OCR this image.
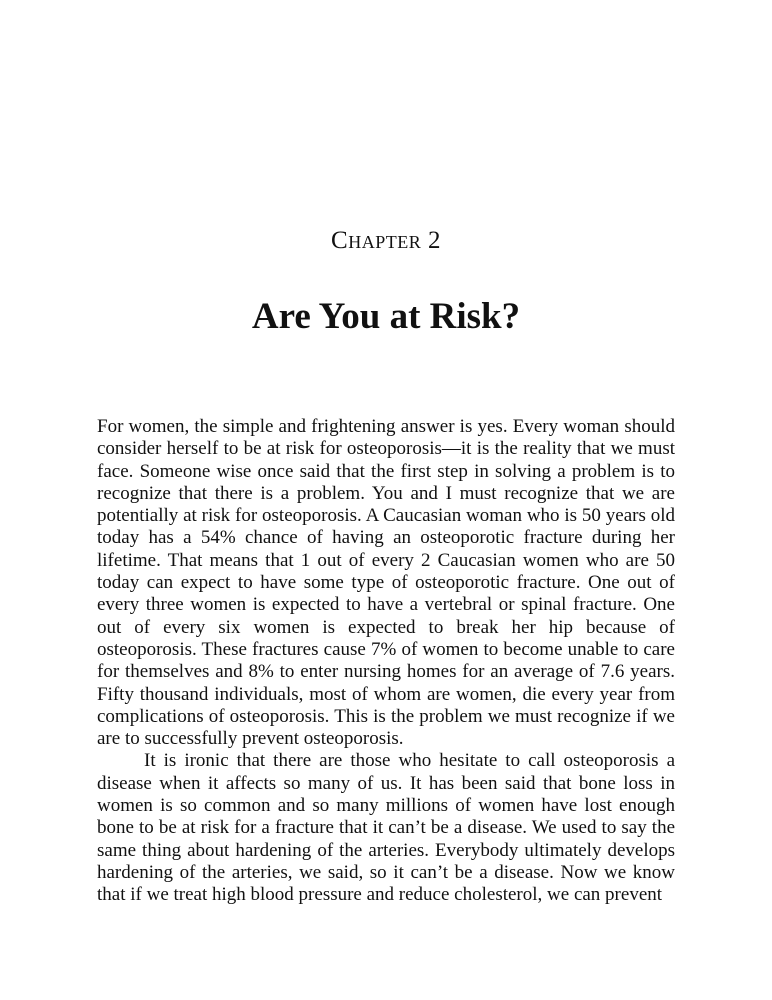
Chapter 2
Are You at Risk?

For women, the simple and frightening answer is yes. Every woman should consider herself to be at risk for osteoporosis—it is the reality that we must face. Someone wise once said that the first step in solving a problem is to recognize that there is a problem. You and I must recognize that we are potentially at risk for osteoporosis. A Caucasian woman who is 50 years old today has a 54% chance of having an osteoporotic fracture during her lifetime. That means that 1 out of every 2 Caucasian women who are 50 today can expect to have some type of osteoporotic fracture. One out of every three women is expected to have a vertebral or spinal fracture. One out of every six women is expected to break her hip because of osteoporosis. These fractures cause 7% of women to become unable to care for themselves and 8% to enter nursing homes for an average of 7.6 years. Fifty thousand individuals, most of whom are women, die every year from complications of osteoporosis. This is the problem we must recognize if we are to successfully prevent osteoporosis.

It is ironic that there are those who hesitate to call osteoporosis a disease when it affects so many of us. It has been said that bone loss in women is so common and so many millions of women have lost enough bone to be at risk for a fracture that it can’t be a disease. We used to say the same thing about hardening of the arteries. Everybody ultimately develops hardening of the arteries, we said, so it can’t be a disease. Now we know that if we treat high blood pressure and reduce cholesterol, we can prevent
